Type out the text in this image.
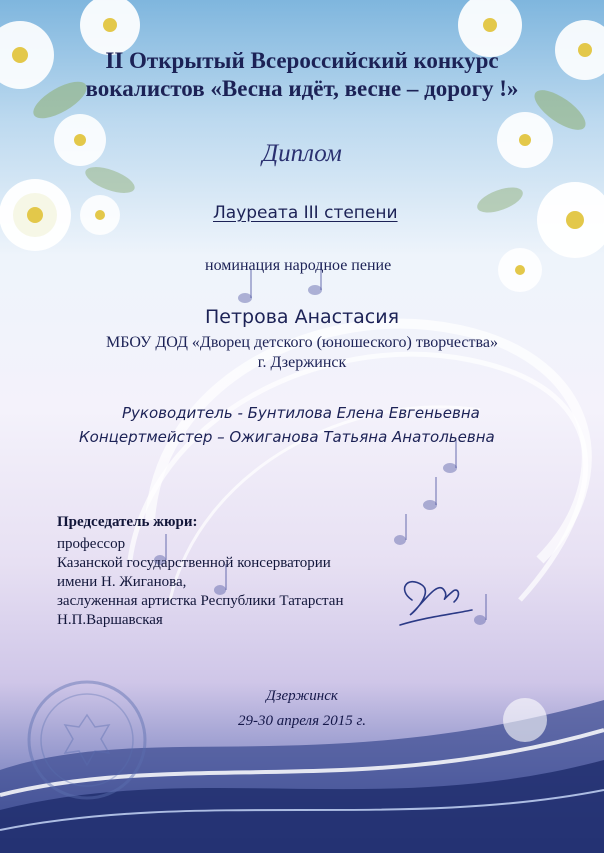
II Открытый Всероссийский конкурс
вокалистов «Весна идёт, весне – дорогу !»
Диплом
Лауреата III степени
номинация народное пение
Петрова Анастасия
МБОУ ДОД «Дворец детского (юношеского) творчества»
г. Дзержинск
Руководитель - Бунтилова Елена Евгеньевна
Концертмейстер – Ожиганова Татьяна Анатольевна
Председатель жюри:
профессор
Казанской государственной консерватории
имени Н. Жиганова,
заслуженная артистка Республики Татарстан
Н.П.Варшавская
Дзержинск
29-30 апреля 2015 г.
